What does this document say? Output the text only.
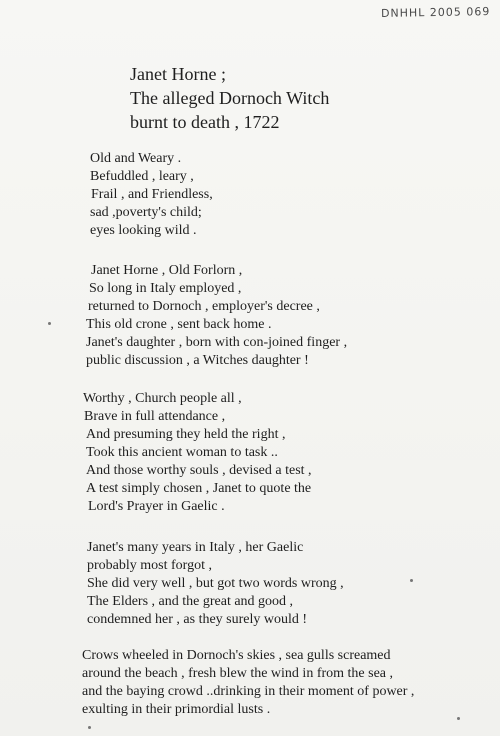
DNHHL 2005 069
Janet Horne ;
The alleged Dornoch Witch
burnt to death , 1722
Old and Weary .
Befuddled , leary ,
Frail , and Friendless,
sad ,poverty's child;
eyes looking wild .
Janet Horne , Old Forlorn ,
So long in Italy employed ,
returned to Dornoch , employer's decree ,
This old crone , sent back home .
Janet's daughter , born with con-joined finger ,
public discussion , a Witches daughter !
Worthy , Church people all ,
Brave in full attendance ,
And presuming they held the right ,
Took this ancient woman to task ..
And those worthy souls , devised a test ,
A test simply chosen , Janet to quote the
Lord's Prayer in Gaelic .
Janet's many years in Italy , her Gaelic
probably most forgot ,
She did very well , but got two words wrong ,
The Elders , and the great and good ,
condemned her , as they surely would !
Crows wheeled in Dornoch's skies , sea gulls screamed
around the beach , fresh blew the wind in from the sea ,
and the baying crowd ..drinking in their moment of power ,
exulting in their primordial lusts .
